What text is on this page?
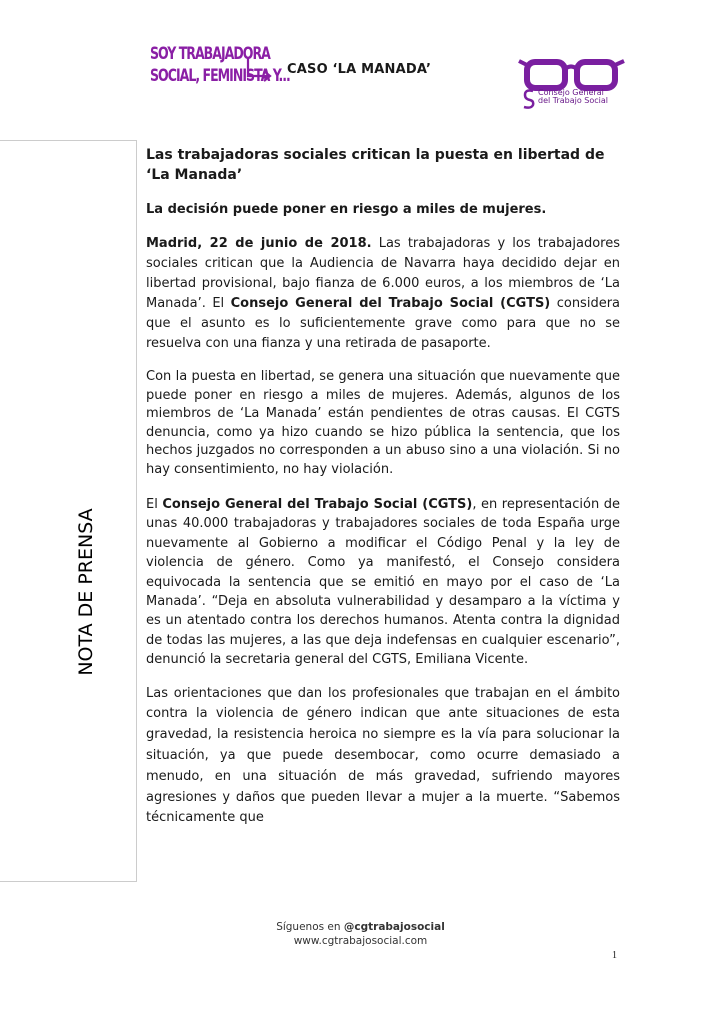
SOY TRABAJADORA
SOCIAL, FEMINISTA Y...
CASO ‘LA MANADA’
Consejo General
del Trabajo Social
NOTA DE PRENSA
Las trabajadoras sociales critican la puesta en libertad de ‘La Manada’
La decisión puede poner en riesgo a miles de mujeres.

Madrid, 22 de junio de 2018. Las trabajadoras y los trabajadores sociales critican que la Audiencia de Navarra haya decidido dejar en libertad provisional, bajo fianza de 6.000 euros, a los miembros de ‘La Manada’. El Consejo General del Trabajo Social (CGTS) considera que el asunto es lo suficientemente grave como para que no se resuelva con una fianza y una retirada de pasaporte.

Con la puesta en libertad, se genera una situación que nuevamente que puede poner en riesgo a miles de mujeres. Además, algunos de los miembros de ‘La Manada’ están pendientes de otras causas. El CGTS denuncia, como ya hizo cuando se hizo pública la sentencia, que los hechos juzgados no corresponden a un abuso sino a una violación. Si no hay consentimiento, no hay violación.

El Consejo General del Trabajo Social (CGTS), en representación de unas 40.000 trabajadoras y trabajadores sociales de toda España urge nuevamente al Gobierno a modificar el Código Penal y la ley de violencia de género. Como ya manifestó, el Consejo considera equivocada la sentencia que se emitió en mayo por el caso de ‘La Manada’. “Deja en absoluta vulnerabilidad y desamparo a la víctima y es un atentado contra los derechos humanos. Atenta contra la dignidad de todas las mujeres, a las que deja indefensas en cualquier escenario”, denunció la secretaria general del CGTS, Emiliana Vicente.

Las orientaciones que dan los profesionales que trabajan en el ámbito contra la violencia de género indican que ante situaciones de esta gravedad, la resistencia heroica no siempre es la vía para solucionar la situación, ya que puede desembocar, como ocurre demasiado a menudo, en una situación de más gravedad, sufriendo mayores agresiones y daños que pueden llevar a mujer a la muerte. “Sabemos técnicamente que

Síguenos en @cgtrabajosocial
www.cgtrabajosocial.com
1
